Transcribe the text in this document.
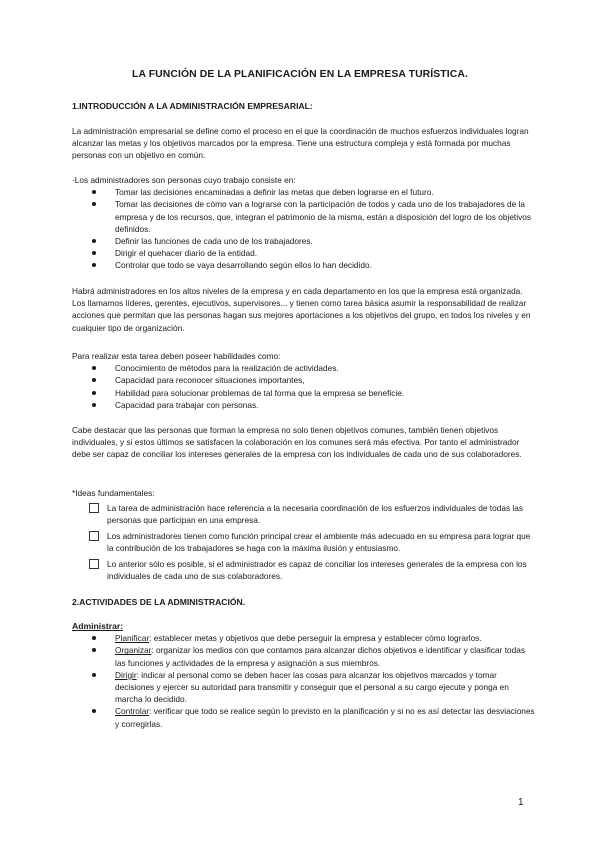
LA FUNCIÓN DE LA PLANIFICACIÓN EN LA EMPRESA TURÍSTICA.
1.INTRODUCCIÓN A LA ADMINISTRACIÓN EMPRESARIAL:

La administración empresarial se define como el proceso en el que la coordinación de muchos esfuerzos individuales logran alcanzar las metas y los objetivos marcados por la empresa. Tiene una estructura compleja y está formada por muchas personas con un objetivo en común.

·Los administradores son personas cuyo trabajo consiste en:

Tomar las decisiones encaminadas a definir las metas que deben lograrse en el futuro.
Tomar las decisiones de cómo van a lograrse con la participación de todos y cada uno de los trabajadores de la empresa y de los recursos, que, integran el patrimonio de la misma, están a disposición del logro de los objetivos definidos.
Definir las funciones de cada uno de los trabajadores.
Dirigir el quehacer diario de la entidad.
Controlar que todo se vaya desarrollando según ellos lo han decidido.

Habrá administradores en los altos niveles de la empresa y en cada departamento en los que la empresa está organizada. Los llamamos líderes, gerentes, ejecutivos, supervisores... y tienen como tarea básica asumir la responsabilidad de realizar acciones que permitan que las personas hagan sus mejores aportaciones a los objetivos del grupo, en todos los niveles y en cualquier tipo de organización.

Para realizar esta tarea deben poseer habilidades como:

Conocimiento de métodos para la realización de actividades.
Capacidad para reconocer situaciones importantes,
Habilidad para solucionar problemas de tal forma que la empresa se beneficie.
Capacidad para trabajar con personas.

Cabe destacar que las personas que forman la empresa no solo tienen objetivos comunes, también tienen objetivos individuales, y si estos últimos se satisfacen la colaboración en los comunes será más efectiva. Por tanto el administrador debe ser capaz de conciliar los intereses generales de la empresa con los individuales de cada uno de sus colaboradores.

*Ideas fundamentales:

La tarea de administración hace referencia a la necesaria coordinación de los esfuerzos individuales de todas las personas que participan en una empresa.
Los administradores tienen como función principal crear el ambiente más adecuado en su empresa para lograr que la contribución de los trabajadores se haga con la máxima ilusión y entusiasmo.
Lo anterior sólo es posible, si el administrador es capaz de conciliar los intereses generales de la empresa con los individuales de cada uno de sus colaboradores.
2.ACTIVIDADES DE LA ADMINISTRACIÓN.

Administrar:

Planificar: establecer metas y objetivos que debe perseguir la empresa y establecer cómo lograrlos.
Organizar: organizar los medios con que contamos para alcanzar dichos objetivos e identificar y clasificar todas las funciones y actividades de la empresa y asignación a sus miembros.
Dirigir: indicar al personal como se deben hacer las cosas para alcanzar los objetivos marcados y tomar decisiones y ejercer su autoridad para transmitir y conseguir que el personal a su cargo ejecute y ponga en marcha lo decidido.
Controlar: verificar que todo se realice según lo previsto en la planificación y si no es así detectar las desviaciones y corregirlas.
1
